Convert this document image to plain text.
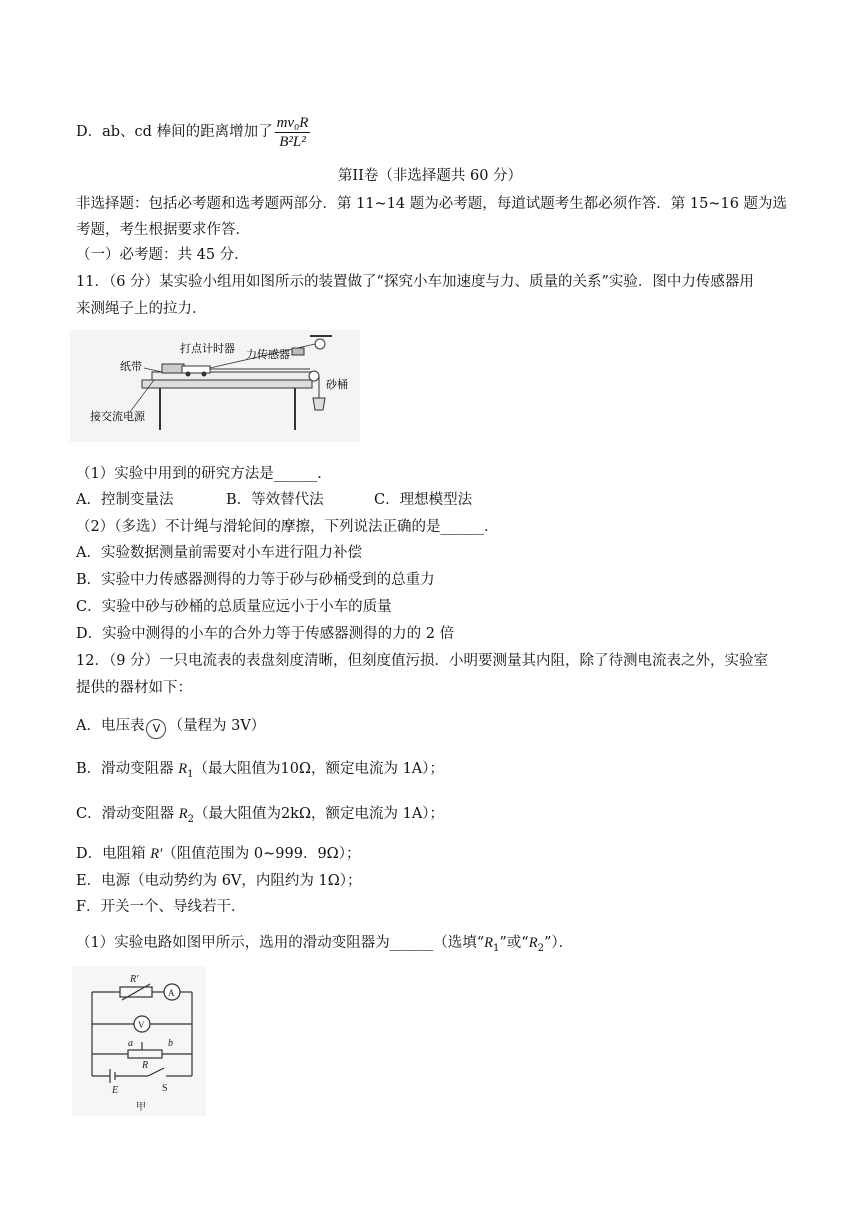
D．ab、cd 棒间的距离增加了 $\frac{\text{mv₀R}}{\text{B²L²}}$
第II卷（非选择题共 60 分）
非选择题：包括必考题和选考题两部分．第 11~14 题为必考题，每道试题考生都必须作答．第 15~16 题为选
考题，考生根据要求作答．
（一）必考题：共 45 分．
11．（6 分）某实验小组用如图所示的装置做了“探究小车加速度与力、质量的关系”实验．图中力传感器用
来测绳子上的拉力．
打点计时器 力传感器
纸带
砂桶
接交流电源
（1）实验中用到的研究方法是______．
A．控制变量法	B．等效替代法	C．理想模型法
（2）（多选）不计绳与滑轮间的摩擦，下列说法正确的是______．
A．实验数据测量前需要对小车进行阻力补偿
B．实验中力传感器测得的力等于砂与砂桶受到的总重力
C．实验中砂与砂桶的总质量应远小于小车的质量
D．实验中测得的小车的合外力等于传感器测得的力的 2 倍
12．（9 分）一只电流表的表盘刻度清晰，但刻度值污损．小明要测量其内阻，除了待测电流表之外，实验室
提供的器材如下：
A．电压表 V （量程为 3V）
B．滑动变阻器 $R_1$（最大阻值为10Ω，额定电流为 1A）；
C．滑动变阻器 $R_2$（最大阻值为2kΩ，额定电流为 1A）；
D．电阻箱 R′（阻值范围为 0~999．9Ω）；
E．电源（电动势约为 6V，内阻约为 1Ω）；
F．开关一个、导线若干．
（1）实验电路如图甲所示，选用的滑动变阻器为______（选填“$R_1$”或“$R_2$”）．
R′
A
V
a	b
R
E	S
甲
